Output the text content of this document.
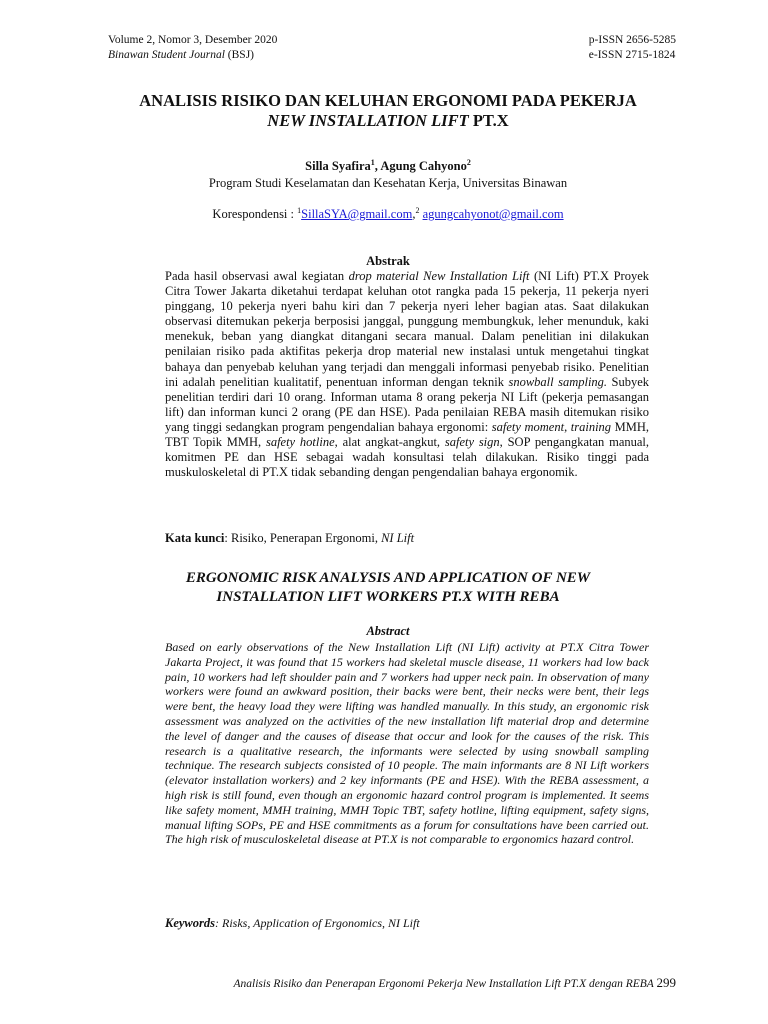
Volume 2, Nomor 3, Desember 2020
Binawan Student Journal (BSJ)
p-ISSN 2656-5285
e-ISSN 2715-1824
ANALISIS RISIKO DAN KELUHAN ERGONOMI PADA PEKERJA
NEW INSTALLATION LIFT PT.X
Silla Syafira$^1$, Agung Cahyono$^2$
Program Studi Keselamatan dan Kesehatan Kerja, Universitas Binawan
Korespondensi : $^1$SillaSYA@gmail.com,$^2$ agungcahyonot@gmail.com
Abstrak
Pada hasil observasi awal kegiatan drop material New Installation Lift (NI Lift) PT.X Proyek Citra Tower Jakarta diketahui terdapat keluhan otot rangka pada 15 pekerja, 11 pekerja nyeri pinggang, 10 pekerja nyeri bahu kiri dan 7 pekerja nyeri leher bagian atas. Saat dilakukan observasi ditemukan pekerja berposisi janggal, punggung membungkuk, leher menunduk, kaki menekuk, beban yang diangkat ditangani secara manual. Dalam penelitian ini dilakukan penilaian risiko pada aktifitas pekerja drop material new instalasi untuk mengetahui tingkat bahaya dan penyebab keluhan yang terjadi dan menggali informasi penyebab risiko. Penelitian ini adalah penelitian kualitatif, penentuan informan dengan teknik snowball sampling. Subyek penelitian terdiri dari 10 orang. Informan utama 8 orang pekerja NI Lift (pekerja pemasangan lift) dan informan kunci 2 orang (PE dan HSE). Pada penilaian REBA masih ditemukan risiko yang tinggi sedangkan program pengendalian bahaya ergonomi: safety moment, training MMH, TBT Topik MMH, safety hotline, alat angkat-angkut, safety sign, SOP pengangkatan manual, komitmen PE dan HSE sebagai wadah konsultasi telah dilakukan. Risiko tinggi pada muskuloskeletal di PT.X tidak sebanding dengan pengendalian bahaya ergonomik.
Kata kunci: Risiko, Penerapan Ergonomi, NI Lift
ERGONOMIC RISK ANALYSIS AND APPLICATION OF NEW
INSTALLATION LIFT WORKERS PT.X WITH REBA
Abstract
Based on early observations of the New Installation Lift (NI Lift) activity at PT.X Citra Tower Jakarta Project, it was found that 15 workers had skeletal muscle disease, 11 workers had low back pain, 10 workers had left shoulder pain and 7 workers had upper neck pain. In observation of many workers were found an awkward position, their backs were bent, their necks were bent, their legs were bent, the heavy load they were lifting was handled manually. In this study, an ergonomic risk assessment was analyzed on the activities of the new installation lift material drop and determine the level of danger and the causes of disease that occur and look for the causes of the risk. This research is a qualitative research, the informants were selected by using snowball sampling technique. The research subjects consisted of 10 people. The main informants are 8 NI Lift workers (elevator installation workers) and 2 key informants (PE and HSE). With the REBA assessment, a high risk is still found, even though an ergonomic hazard control program is implemented. It seems like safety moment, MMH training, MMH Topic TBT, safety hotline, lifting equipment, safety signs, manual lifting SOPs, PE and HSE commitments as a forum for consultations have been carried out. The high risk of musculoskeletal disease at PT.X is not comparable to ergonomics hazard control.
Keywords: Risks, Application of Ergonomics, NI Lift
Analisis Risiko dan Penerapan Ergonomi Pekerja New Installation Lift PT.X dengan REBA 299
